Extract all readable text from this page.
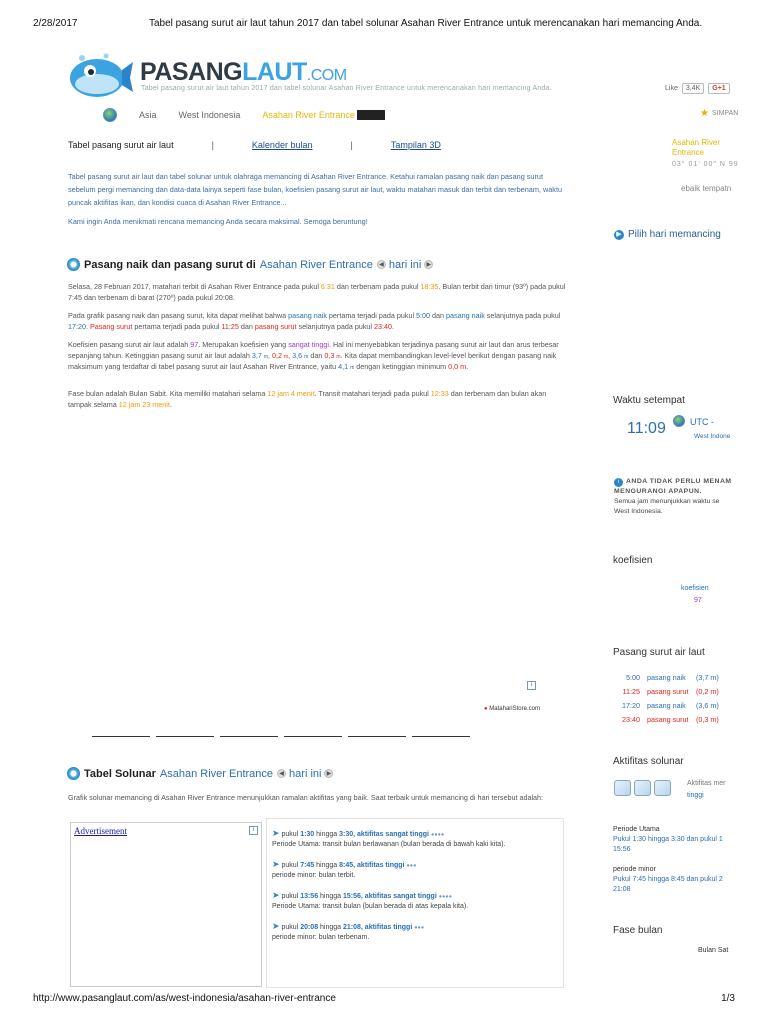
2/28/2017	Tabel pasang surut air laut tahun 2017 dan tabel solunar Asahan River Entrance untuk merencanakan hari memancing Anda.
PASANGLAUT.COM
Tabel pasang surut air laut tahun 2017 dan tabel solunar Asahan River Entrance untuk merencanakan hari memancing Anda.	Like	3,4K	G+1
★ SIMPAN
Asia West Indonesia Asahan River Entrance
Tabel pasang surut air laut	|	Kalender bulan	|	Tampilan 3D	Asahan River
Entrance
03° 01' 00" N 99
ebaik tempatn
Tabel pasang surut air laut dan tabel solunar untuk olahraga memancing di Asahan River Entrance. Ketahui ramalan pasang naik dan pasang surut sebelum pergi memancing dan data-data lainya seperti fase bulan, koefisien pasang surut air laut, waktu matahari masuk dan terbit dan terbenam, waktu puncak aktifitas ikan, dan kondisi cuaca di Asahan River Entrance...
Kami ingin Anda menikmati rencana memancing Anda secara maksimal. Semoga beruntung!
▶ Pilih hari memancing
Pasang naik dan pasang surut di Asahan River Entrance	◀ hari ini ▶
Selasa, 28 Februari 2017, matahari terbit di Asahan River Entrance pada pukul 6:31 dan terbenam pada pukul 18:35. Bulan terbit dari timur (93º) pada pukul 7:45 dan terbenam di barat (270º) pada pukul 20:08.
Pada grafik pasang naik dan pasang surut, kita dapat melihat bahwa pasang naik pertama terjadi pada pukul 5:00 dan pasang naik selanjutnya pada pukul 17:20. Pasang surut pertama terjadi pada pukul 11:25 dan pasang surut selanjutnya pada pukul 23:40.
Koefisien pasang surut air laut adalah 97. Merupakan koefisien yang sangat tinggi. Hal ini menyebabkan terjadinya pasang surut air laut dan arus terbesar sepanjang tahun. Ketinggian pasang surut air laut adalah 3,7 m, 0,2 m, 3,6 m dan 0,3 m. Kita dapat membandingkan level-level berikut dengan pasang naik maksimum yang terdaftar di tabel pasang surut air laut Asahan River Entrance, yaitu 4,1 m dengan ketinggian minimum 0,0 m.
Fase bulan adalah Bulan Sabit. Kita memiliki matahari selama 12 jam 4 menit. Transit matahari terjadi pada pukul 12:33 dan terbenam dan bulan akan tampak selama 12 jam 23 menit.
i
● MatahariStore.com
Tabel Solunar Asahan River Entrance	◀ hari ini ▶
Grafik solunar memancing di Asahan River Entrance menunjukkan ramalan aktifitas yang baik. Saat terbaik untuk memancing di hari tersebut adalah:
Advertisement	i	➤ pukul 1:30 hingga 3:30, aktifitas sangat tinggi ●●●●
Periode Utama: transit bulan berlawanan (bulan berada di bawah kaki kita).
➤ pukul 7:45 hingga 8:45, aktifitas tinggi ●●●
periode minor: bulan terbit.
➤ pukul 13:56 hingga 15:56, aktifitas sangat tinggi ●●●●
Periode Utama: transit bulan (bulan berada di atas kepala kita).
➤ pukul 20:08 hingga 21:08, aktifitas tinggi ●●●
periode minor: bulan terbenam.
Waktu setempat
11:09	UTC -
West Indone
i ANDA TIDAK PERLU MENAM
MENGURANGI APAPUN.
Semua jam menunjukkan waktu se West Indonesia.
koefisien
koefisien
97
Pasang surut air laut
5:00 pasang naik	(3,7 m)
11:25 pasang surut	(0,2 m)
17:20 pasang naik	(3,6 m)
23:40 pasang surut	(0,3 m)
Aktifitas solunar
Aktifitas mer
tinggi
Periode Utama
Pukul 1:30 hingga 3:30 dan pukul 1
15:56
periode minor
Pukul 7:45 hingga 8:45 dan pukul 2
21:08
Fase bulan
Bulan Sat
http://www.pasanglaut.com/as/west-indonesia/asahan-river-entrance	1/3
